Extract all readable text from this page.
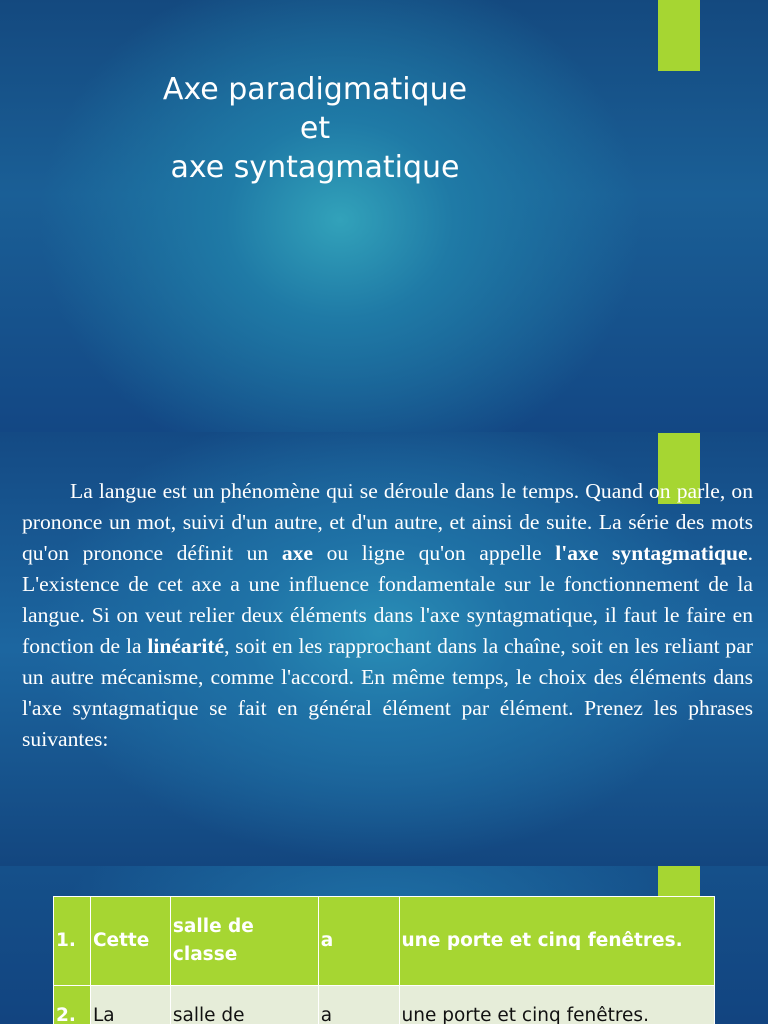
Axe paradigmatique
et
axe syntagmatique

La langue est un phénomène qui se déroule dans le temps. Quand on parle, on prononce un mot, suivi d'un autre, et d'un autre, et ainsi de suite. La série des mots qu'on prononce définit un axe ou ligne qu'on appelle l'axe syntagmatique. L'existence de cet axe a une influence fondamentale sur le fonctionnement de la langue. Si on veut relier deux éléments dans l'axe syntagmatique, il faut le faire en fonction de la linéarité, soit en les rapprochant dans la chaîne, soit en les reliant par un autre mécanisme, comme l'accord. En même temps, le choix des éléments dans l'axe syntagmatique se fait en général élément par élément. Prenez les phrases suivantes:

1.	Cette	salle de classe	a	une porte et cinq fenêtres.
2.	La	salle de	a	une porte et cinq fenêtres.
